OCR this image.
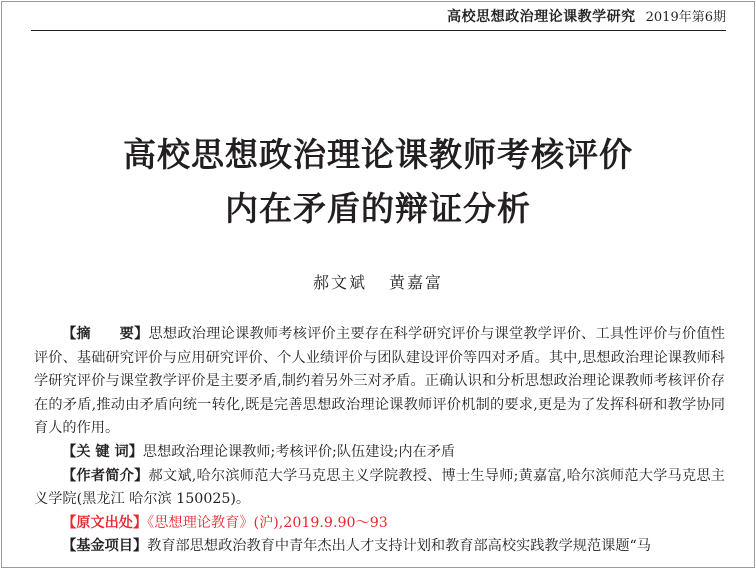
高校思想政治理论课教学研究 2019年第6期
高校思想政治理论课教师考核评价
内在矛盾的辩证分析
郝文斌 黄嘉富

【摘　　要】思想政治理论课教师考核评价主要存在科学研究评价与课堂教学评价、工具性评价与价值性评价、基础研究评价与应用研究评价、个人业绩评价与团队建设评价等四对矛盾。其中,思想政治理论课教师科学研究评价与课堂教学评价是主要矛盾,制约着另外三对矛盾。正确认识和分析思想政治理论课教师考核评价存在的矛盾,推动由矛盾向统一转化,既是完善思想政治理论课教师评价机制的要求,更是为了发挥科研和教学协同育人的作用。

【关 键 词】思想政治理论课教师;考核评价;队伍建设;内在矛盾

【作者简介】郝文斌,哈尔滨师范大学马克思主义学院教授、博士生导师;黄嘉富,哈尔滨师范大学马克思主义学院(黑龙江 哈尔滨 150025)。

【原文出处】《思想理论教育》(沪),2019.9.90～93

【基金项目】教育部思想政治教育中青年杰出人才支持计划和教育部高校实践教学规范课题“马
